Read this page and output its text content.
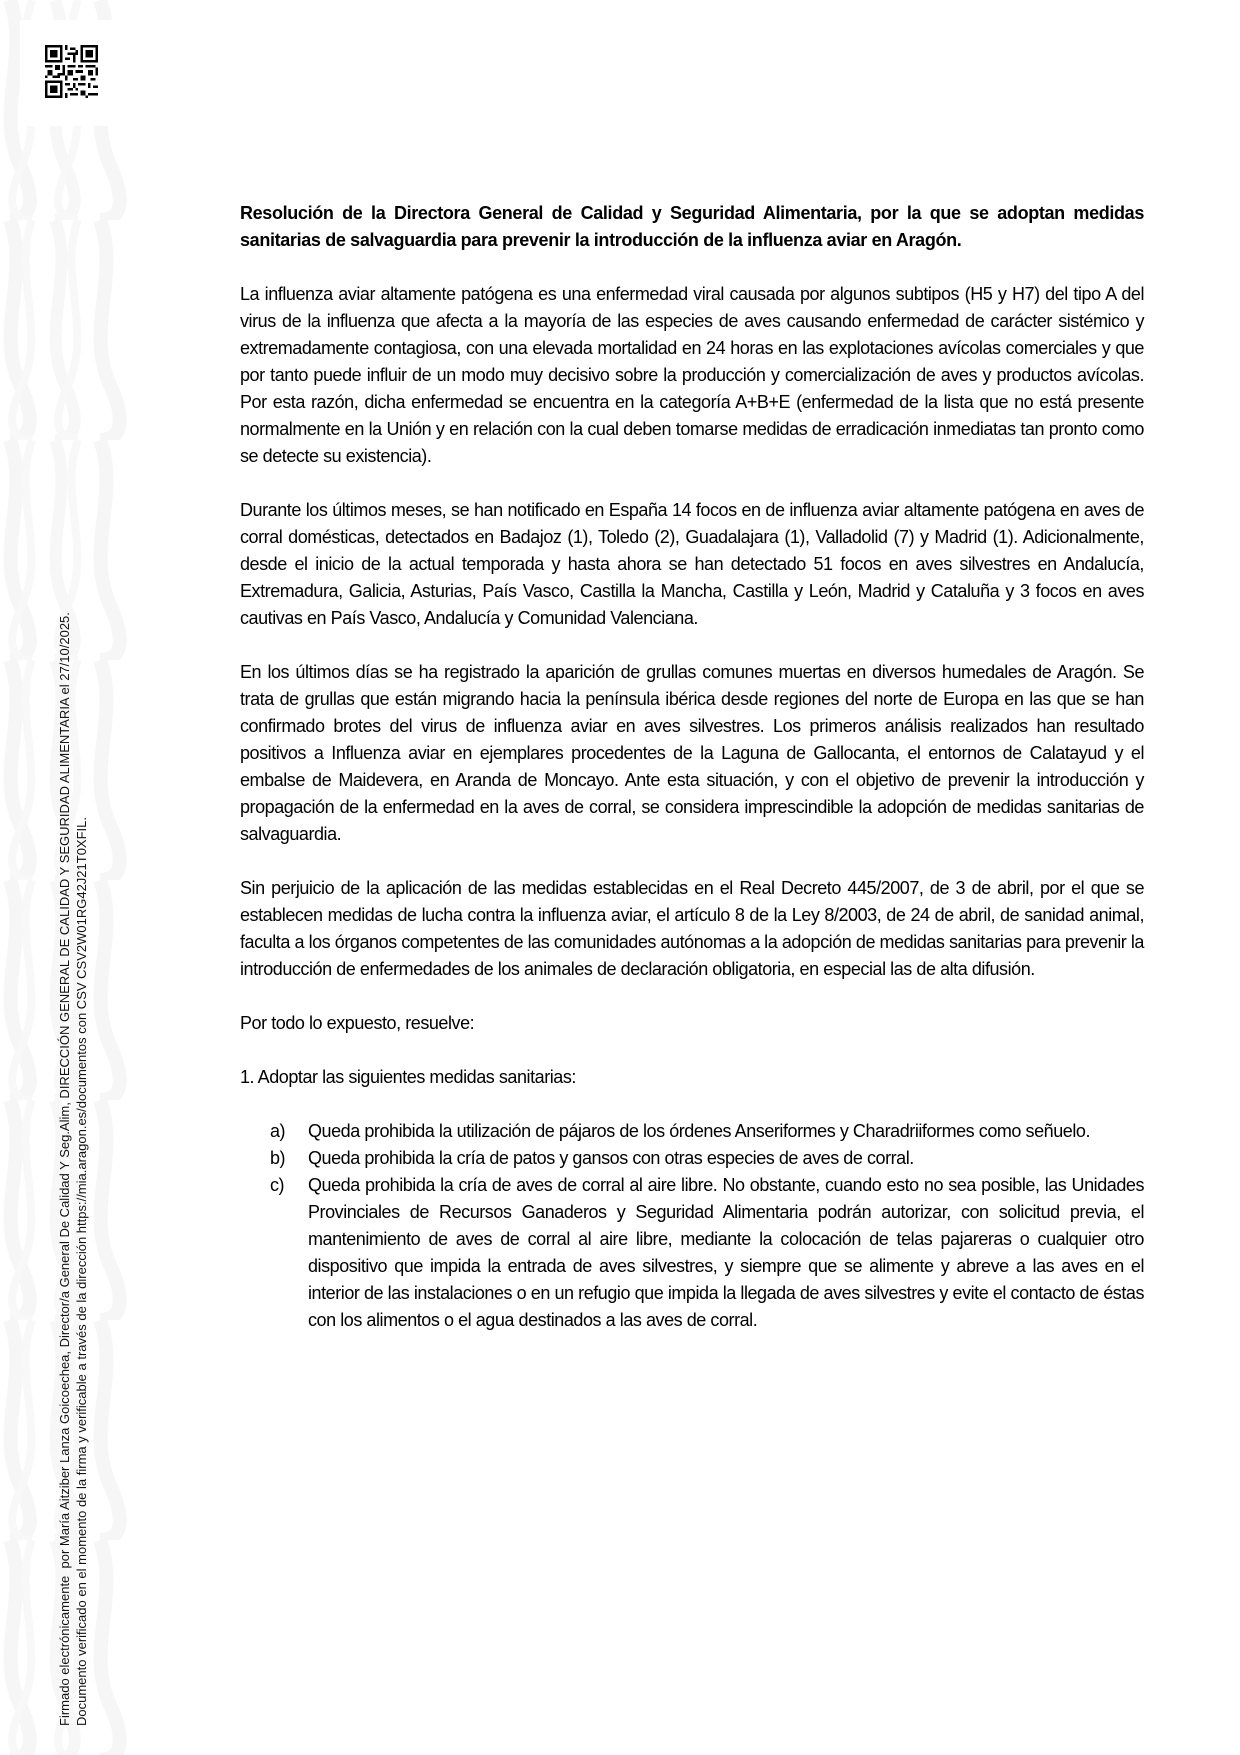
Firmado electrónicamente  por María Aitziber Lanza Goicoechea, Director/a General De Calidad Y Seg.Alim, DIRECCIÓN GENERAL DE CALIDAD Y SEGURIDAD ALIMENTARIA el 27/10/2025. Documento verificado en el momento de la firma y verificable a través de la dirección https://mia.aragon.es/documentos con CSV CSV2W01RG42J21T0XFIL.

Resolución de la Directora General de Calidad y Seguridad Alimentaria, por la que se adoptan medidas sanitarias de salvaguardia para prevenir la introducción de la influenza aviar en Aragón.

La influenza aviar altamente patógena es una enfermedad viral causada por algunos subtipos (H5 y H7) del tipo A del virus de la influenza que afecta a la mayoría de las especies de aves causando enfermedad de carácter sistémico y extremadamente contagiosa, con una elevada mortalidad en 24 horas en las explotaciones avícolas comerciales y que por tanto puede influir de un modo muy decisivo sobre la producción y comercialización de aves y productos avícolas. Por esta razón, dicha enfermedad se encuentra en la categoría A+B+E (enfermedad de la lista que no está presente normalmente en la Unión y en relación con la cual deben tomarse medidas de erradicación inmediatas tan pronto como se detecte su existencia).

Durante los últimos meses, se han notificado en España 14 focos en de influenza aviar altamente patógena en aves de corral domésticas, detectados en Badajoz (1), Toledo (2), Guadalajara (1), Valladolid (7) y Madrid (1). Adicionalmente, desde el inicio de la actual temporada y hasta ahora se han detectado 51 focos en aves silvestres en Andalucía, Extremadura, Galicia, Asturias, País Vasco, Castilla la Mancha, Castilla y León, Madrid y Cataluña y 3 focos en aves cautivas en País Vasco, Andalucía y Comunidad Valenciana.

En los últimos días se ha registrado la aparición de grullas comunes muertas en diversos humedales de Aragón. Se trata de grullas que están migrando hacia la península ibérica desde regiones del norte de Europa en las que se han confirmado brotes del virus de influenza aviar en aves silvestres. Los primeros análisis realizados han resultado positivos a Influenza aviar en ejemplares procedentes de la Laguna de Gallocanta, el entornos de Calatayud y el embalse de Maidevera, en Aranda de Moncayo. Ante esta situación, y con el objetivo de prevenir la introducción y propagación de la enfermedad en la aves de corral, se considera imprescindible la adopción de medidas sanitarias de salvaguardia.

Sin perjuicio de la aplicación de las medidas establecidas en el Real Decreto 445/2007, de 3 de abril, por el que se establecen medidas de lucha contra la influenza aviar, el artículo 8 de la Ley 8/2003, de 24 de abril, de sanidad animal, faculta a los órganos competentes de las comunidades autónomas a la adopción de medidas sanitarias para prevenir la introducción de enfermedades de los animales de declaración obligatoria, en especial las de alta difusión.

Por todo lo expuesto, resuelve:

1. Adoptar las siguientes medidas sanitarias:

a) Queda prohibida la utilización de pájaros de los órdenes Anseriformes y Charadriiformes como señuelo.
b) Queda prohibida la cría de patos y gansos con otras especies de aves de corral.
c) Queda prohibida la cría de aves de corral al aire libre. No obstante, cuando esto no sea posible, las Unidades Provinciales de Recursos Ganaderos y Seguridad Alimentaria podrán autorizar, con solicitud previa, el mantenimiento de aves de corral al aire libre, mediante la colocación de telas pajareras o cualquier otro dispositivo que impida la entrada de aves silvestres, y siempre que se alimente y abreve a las aves en el interior de las instalaciones o en un refugio que impida la llegada de aves silvestres y evite el contacto de éstas con los alimentos o el agua destinados a las aves de corral.
